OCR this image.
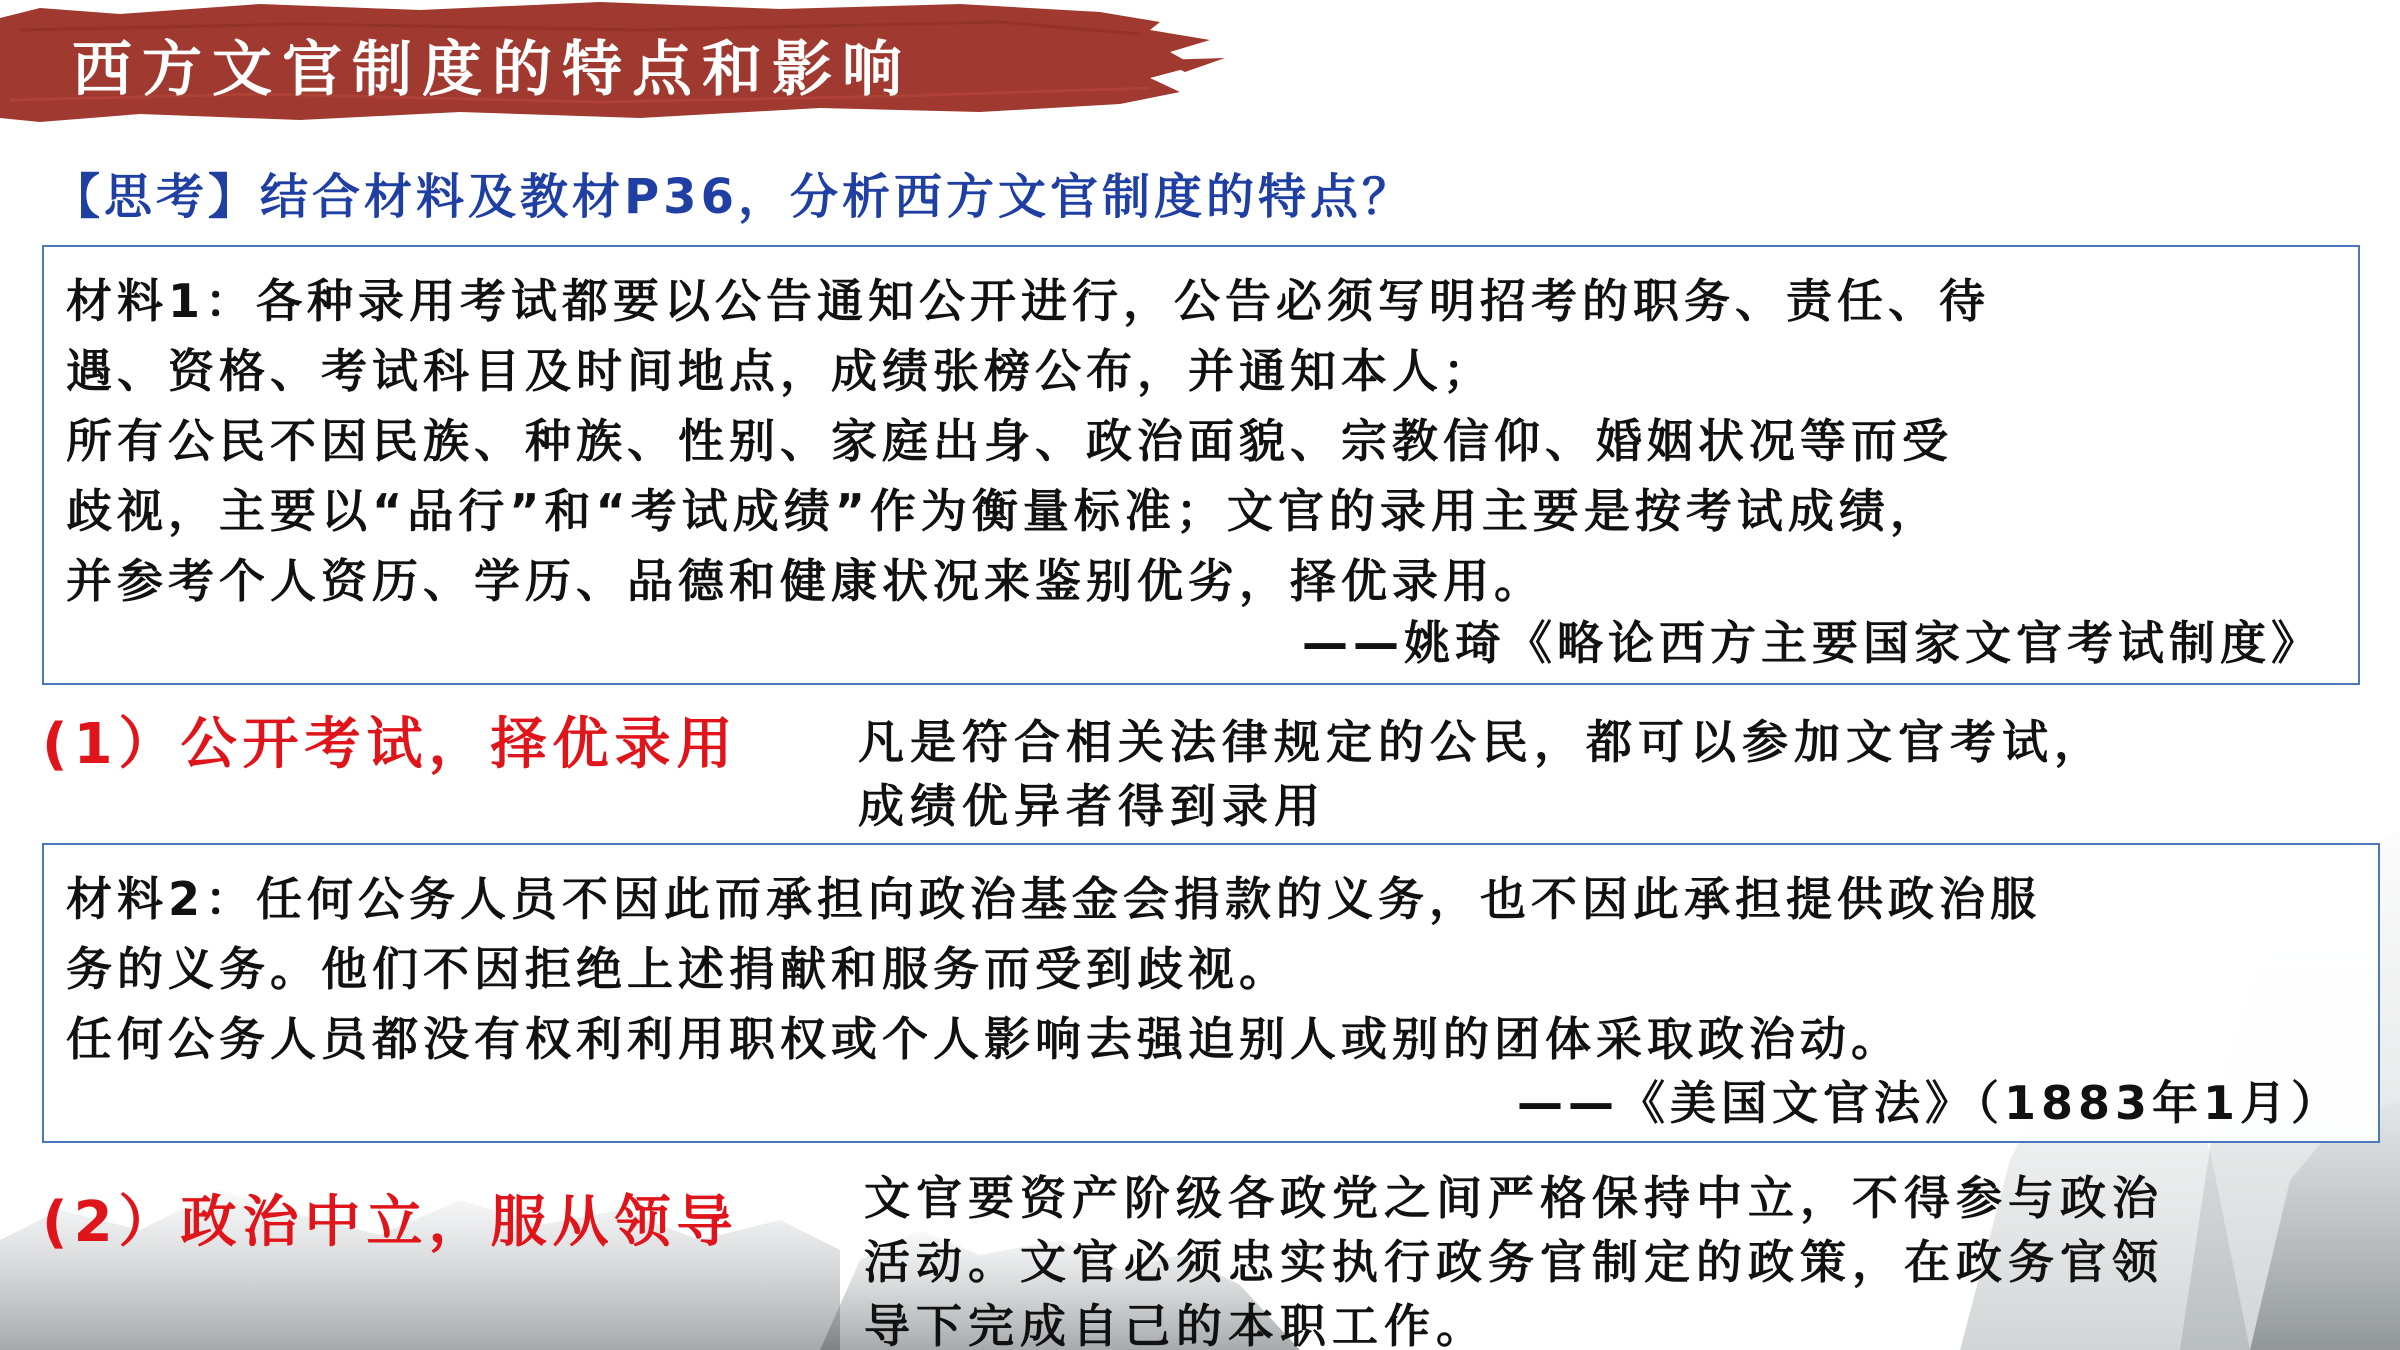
西方文官制度的特点和影响
【思考】结合材料及教材P36，分析西方文官制度的特点？
材料1：各种录用考试都要以公告通知公开进行，公告必须写明招考的职务、责任、待
遇、资格、考试科目及时间地点，成绩张榜公布，并通知本人；
所有公民不因民族、种族、性别、家庭出身、政治面貌、宗教信仰、婚姻状况等而受
歧视，主要以“品行”和“考试成绩”作为衡量标准；文官的录用主要是按考试成绩，
并参考个人资历、学历、品德和健康状况来鉴别优劣，择优录用。
——姚琦《略论西方主要国家文官考试制度》
(1）公开考试，择优录用	凡是符合相关法律规定的公民，都可以参加文官考试，
成绩优异者得到录用
材料2：任何公务人员不因此而承担向政治基金会捐款的义务，也不因此承担提供政治服
务的义务。他们不因拒绝上述捐献和服务而受到歧视。
任何公务人员都没有权利利用职权或个人影响去强迫别人或别的团体采取政治动。
——《美国文官法》（1883年1月）
(2）政治中立，服从领导	文官要资产阶级各政党之间严格保持中立，不得参与政治
活动。文官必须忠实执行政务官制定的政策，在政务官领
导下完成自己的本职工作。
